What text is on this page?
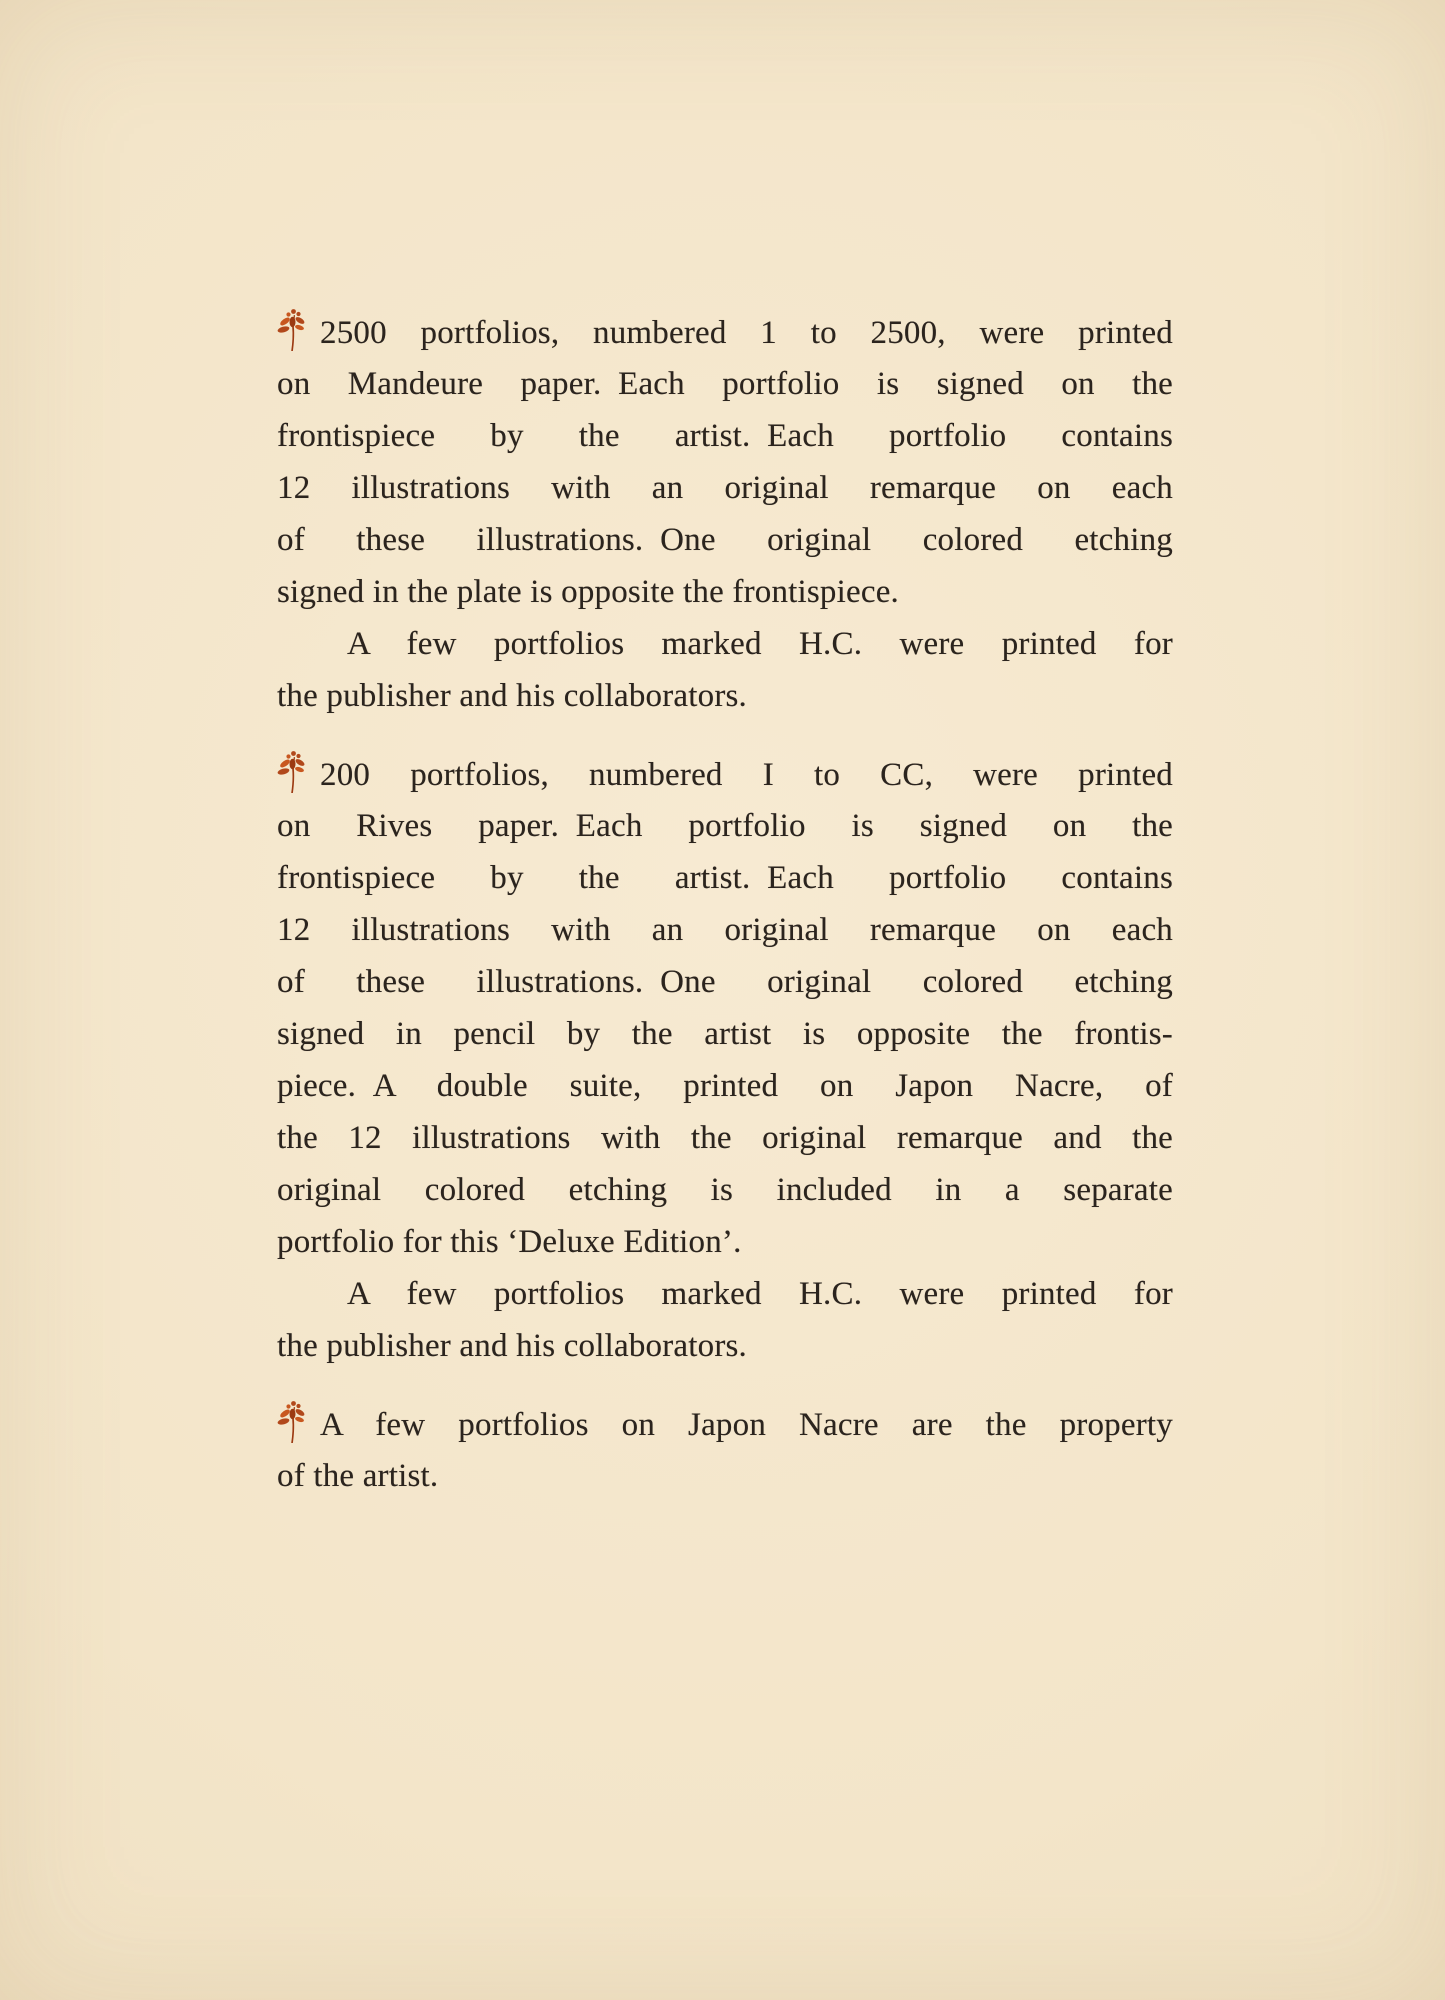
2500 portfolios, numbered 1 to 2500, were printed
on Mandeure paper. Each portfolio is signed on the
frontispiece by the artist. Each portfolio contains
12 illustrations with an original remarque on each
of these illustrations. One original colored etching
signed in the plate is opposite the frontispiece.
A few portfolios marked H.C. were printed for
the publisher and his collaborators.
200 portfolios, numbered I to CC, were printed
on Rives paper. Each portfolio is signed on the
frontispiece by the artist. Each portfolio contains
12 illustrations with an original remarque on each
of these illustrations. One original colored etching
signed in pencil by the artist is opposite the frontis-
piece. A double suite, printed on Japon Nacre, of
the 12 illustrations with the original remarque and the
original colored etching is included in a separate
portfolio for this ‘Deluxe Edition’.
A few portfolios marked H.C. were printed for
the publisher and his collaborators.
A few portfolios on Japon Nacre are the property
of the artist.
